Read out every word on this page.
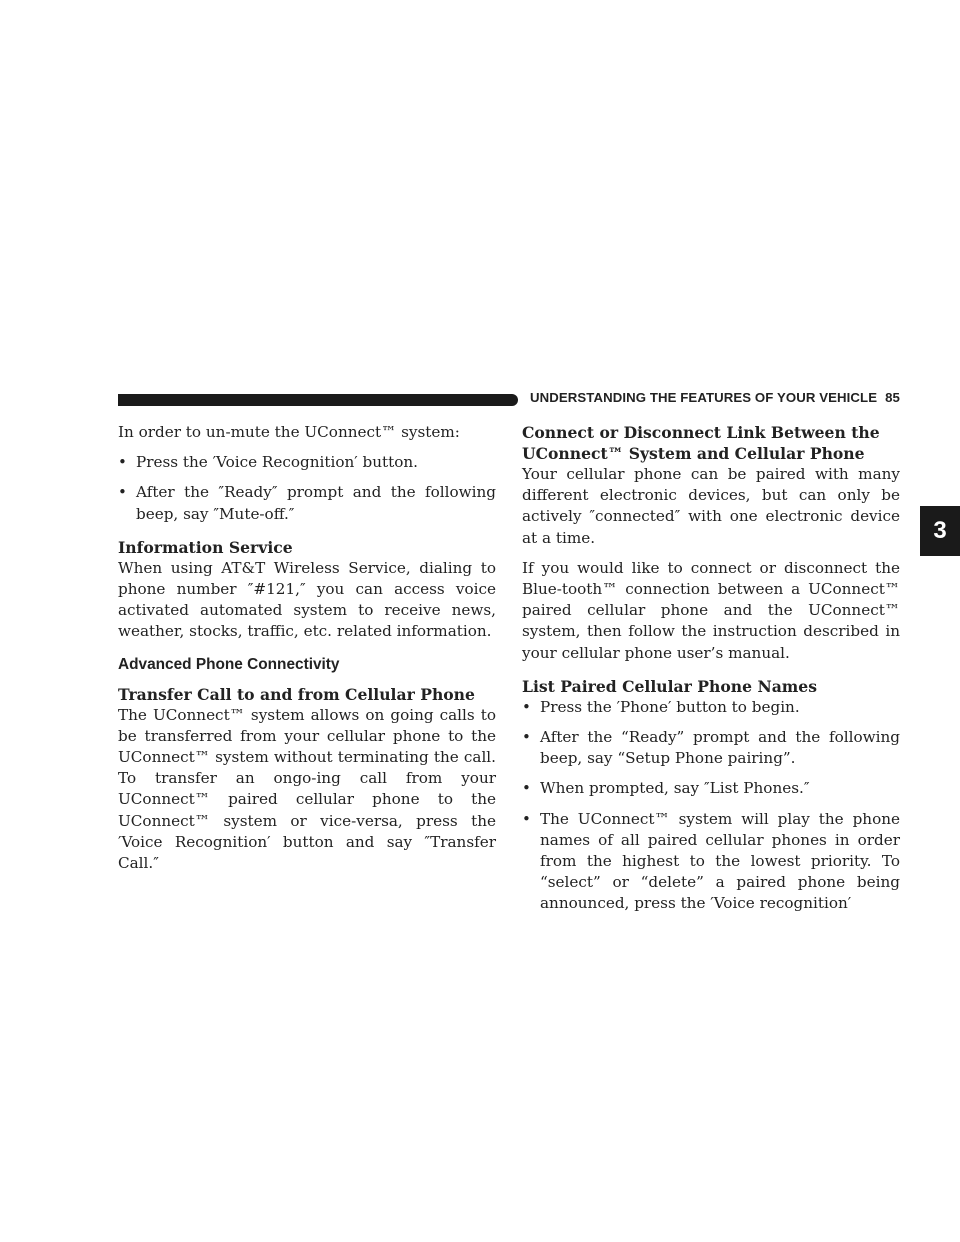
UNDERSTANDING THE FEATURES OF YOUR VEHICLE 85
3

In order to un-mute the UConnect™ system:

• Press the ′Voice Recognition′ button.
• After the ″Ready″ prompt and the following beep, say ″Mute-off.″
Information Service

When using AT&T Wireless Service, dialing to phone number ″#121,″ you can access voice activated automated system to receive news, weather, stocks, traffic, etc. related information.

Advanced Phone Connectivity
Transfer Call to and from Cellular Phone

The UConnect™ system allows on going calls to be transferred from your cellular phone to the UConnect™ system without terminating the call. To transfer an ongo-ing call from your UConnect™ paired cellular phone to the UConnect™ system or vice-versa, press the ′Voice Recognition′ button and say ″Transfer Call.″

Connect or Disconnect Link Between the UConnect™ System and Cellular Phone

Your cellular phone can be paired with many different electronic devices, but can only be actively ″connected″ with one electronic device at a time.

If you would like to connect or disconnect the Blue-tooth™ connection between a UConnect™ paired cellular phone and the UConnect™ system, then follow the instruction described in your cellular phone user’s manual.

List Paired Cellular Phone Names
• Press the ′Phone′ button to begin.
• After the “Ready” prompt and the following beep, say “Setup Phone pairing”.
• When prompted, say ″List Phones.″
• The UConnect™ system will play the phone names of all paired cellular phones in order from the highest to the lowest priority. To “select” or “delete” a paired phone being announced, press the ′Voice recognition′
